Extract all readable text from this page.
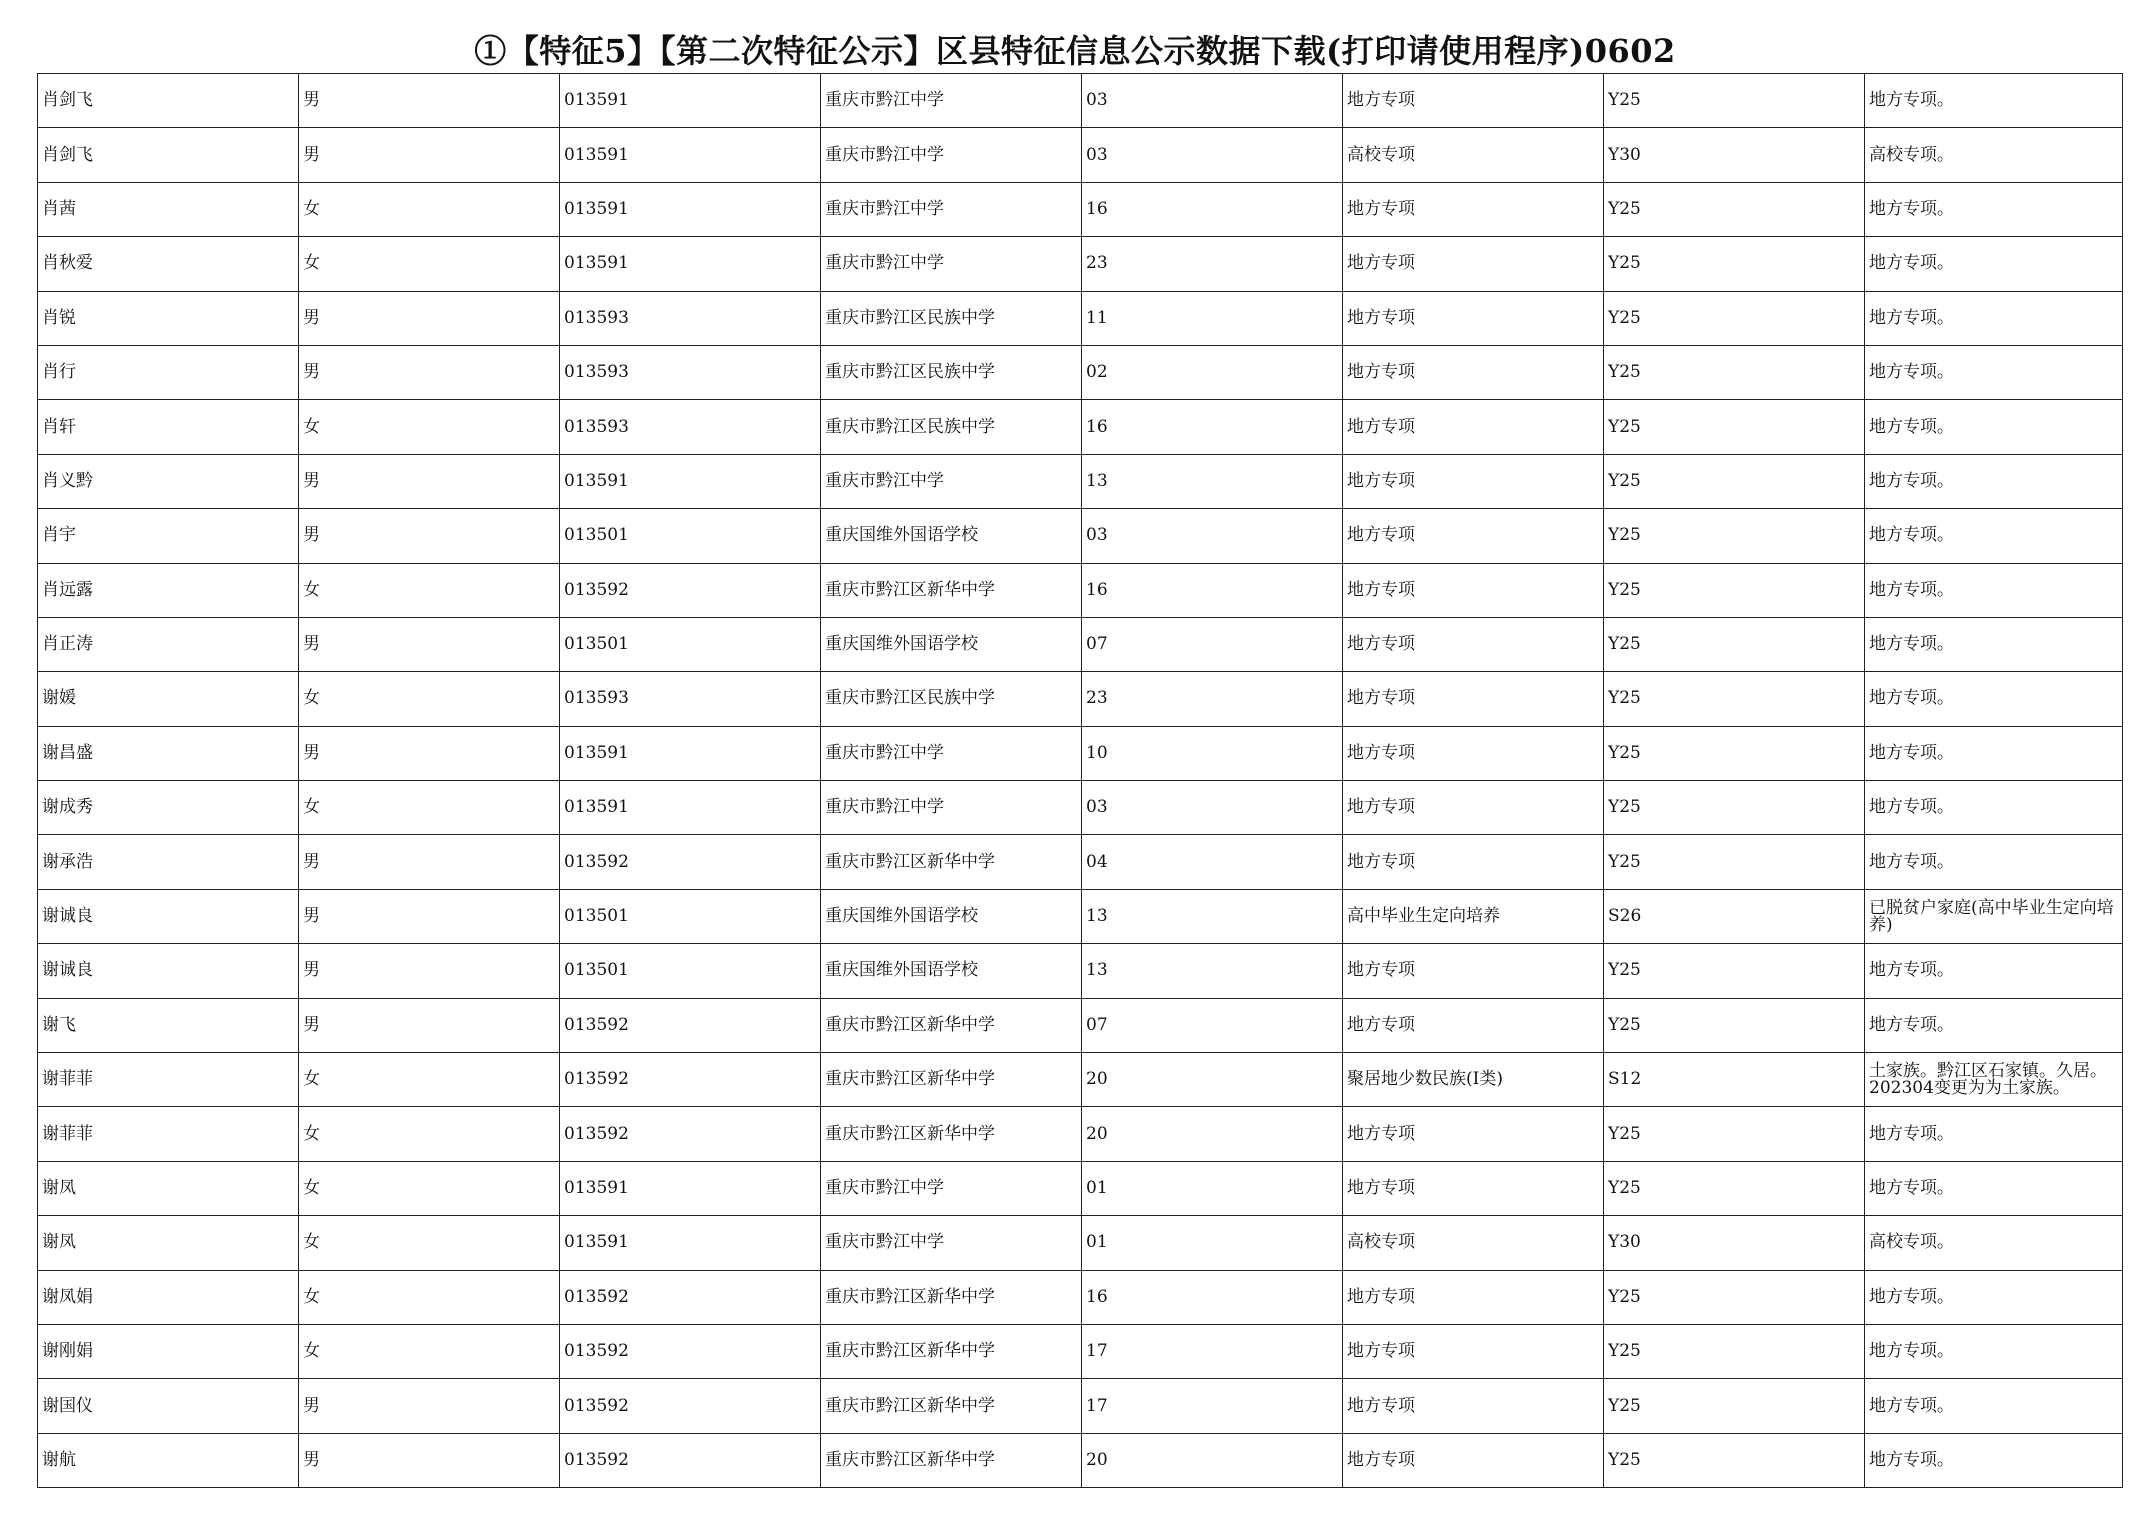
①【特征5】【第二次特征公示】区县特征信息公示数据下载(打印请使用程序)0602
肖剑飞	男	013591	重庆市黔江中学	03	地方专项	Y25	地方专项。
肖剑飞	男	013591	重庆市黔江中学	03	高校专项	Y30	高校专项。
肖茜	女	013591	重庆市黔江中学	16	地方专项	Y25	地方专项。
肖秋爱	女	013591	重庆市黔江中学	23	地方专项	Y25	地方专项。
肖锐	男	013593	重庆市黔江区民族中学	11	地方专项	Y25	地方专项。
肖行	男	013593	重庆市黔江区民族中学	02	地方专项	Y25	地方专项。
肖轩	女	013593	重庆市黔江区民族中学	16	地方专项	Y25	地方专项。
肖义黔	男	013591	重庆市黔江中学	13	地方专项	Y25	地方专项。
肖宇	男	013501	重庆国维外国语学校	03	地方专项	Y25	地方专项。
肖远露	女	013592	重庆市黔江区新华中学	16	地方专项	Y25	地方专项。
肖正涛	男	013501	重庆国维外国语学校	07	地方专项	Y25	地方专项。
谢媛	女	013593	重庆市黔江区民族中学	23	地方专项	Y25	地方专项。
谢昌盛	男	013591	重庆市黔江中学	10	地方专项	Y25	地方专项。
谢成秀	女	013591	重庆市黔江中学	03	地方专项	Y25	地方专项。
谢承浩	男	013592	重庆市黔江区新华中学	04	地方专项	Y25	地方专项。
谢诚良	男	013501	重庆国维外国语学校	13	高中毕业生定向培养	S26	已脱贫户家庭(高中毕业生定向培养)
谢诚良	男	013501	重庆国维外国语学校	13	地方专项	Y25	地方专项。
谢飞	男	013592	重庆市黔江区新华中学	07	地方专项	Y25	地方专项。
谢菲菲	女	013592	重庆市黔江区新华中学	20	聚居地少数民族(I类)	S12	土家族。黔江区石家镇。久居。202304变更为为土家族。
谢菲菲	女	013592	重庆市黔江区新华中学	20	地方专项	Y25	地方专项。
谢凤	女	013591	重庆市黔江中学	01	地方专项	Y25	地方专项。
谢凤	女	013591	重庆市黔江中学	01	高校专项	Y30	高校专项。
谢凤娟	女	013592	重庆市黔江区新华中学	16	地方专项	Y25	地方专项。
谢刚娟	女	013592	重庆市黔江区新华中学	17	地方专项	Y25	地方专项。
谢国仪	男	013592	重庆市黔江区新华中学	17	地方专项	Y25	地方专项。
谢航	男	013592	重庆市黔江区新华中学	20	地方专项	Y25	地方专项。
